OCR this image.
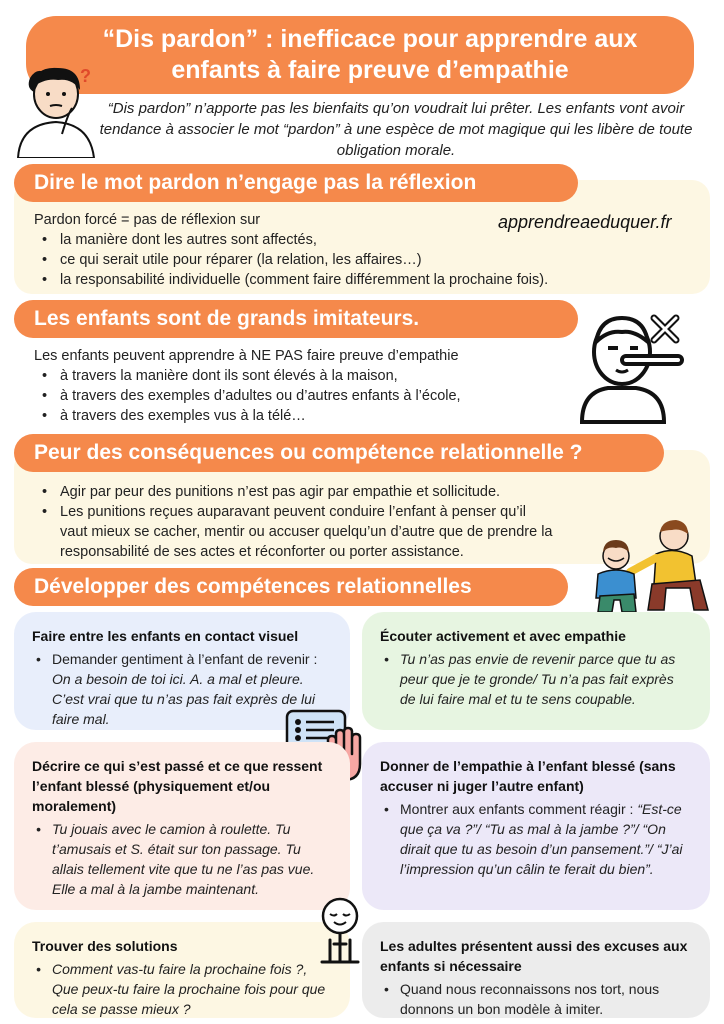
“Dis pardon” : inefficace pour apprendre aux enfants à faire preuve d’empathie
?
“Dis pardon” n’apporte pas les bienfaits qu’on voudrait lui prêter. Les enfants vont avoir tendance à associer le mot “pardon” à une espèce de mot magique qui les libère de toute obligation morale.
Dire le mot pardon n’engage pas la réflexion
apprendreaeduquer.fr
Pardon forcé = pas de réflexion sur
• la manière dont les autres sont affectés,
• ce qui serait utile pour réparer (la relation, les affaires…)
• la responsabilité individuelle (comment faire différemment la prochaine fois).
Les enfants sont de grands imitateurs.
Les enfants peuvent apprendre à NE PAS faire preuve d’empathie
• à travers la manière dont ils sont élevés à la maison,
• à travers des exemples d’adultes ou d’autres enfants à l’école,
• à travers des exemples vus à la télé…
Peur des conséquences ou compétence relationnelle ?
• Agir par peur des punitions n’est pas agir par empathie et sollicitude.
• Les punitions reçues auparavant peuvent conduire l’enfant à penser qu’il vaut mieux se cacher, mentir ou accuser quelqu’un d’autre que de prendre la responsabilité de ses actes et réconforter ou porter assistance.
Développer des compétences relationnelles
Faire entre les enfants en contact visuel
• Demander gentiment à l’enfant de revenir : On a besoin de toi ici. A. a mal et pleure. C’est vrai que tu n’as pas fait exprès de lui faire mal.
Écouter activement et avec empathie
• Tu n’as pas envie de revenir parce que tu as peur que je te gronde/ Tu n’a pas fait exprès de lui faire mal et tu te sens coupable.
Décrire ce qui s’est passé et ce que ressent l’enfant blessé (physiquement et/ou moralement)
• Tu jouais avec le camion à roulette. Tu t’amusais et S. était sur ton passage. Tu allais tellement vite que tu ne l’as pas vue. Elle a mal à la jambe maintenant.
Donner de l’empathie à l’enfant blessé (sans accuser ni juger l’autre enfant)
• Montrer aux enfants comment réagir : “Est-ce que ça va ?”/ “Tu as mal à la jambe ?”/ “On dirait que tu as besoin d’un pansement.”/ “J’ai l’impression qu’un câlin te ferait du bien”.
Trouver des solutions
• Comment vas-tu faire la prochaine fois ?, Que peux-tu faire la prochaine fois pour que cela se passe mieux ?
Les adultes présentent aussi des excuses aux enfants si nécessaire
• Quand nous reconnaissons nos tort, nous donnons un bon modèle à imiter.
